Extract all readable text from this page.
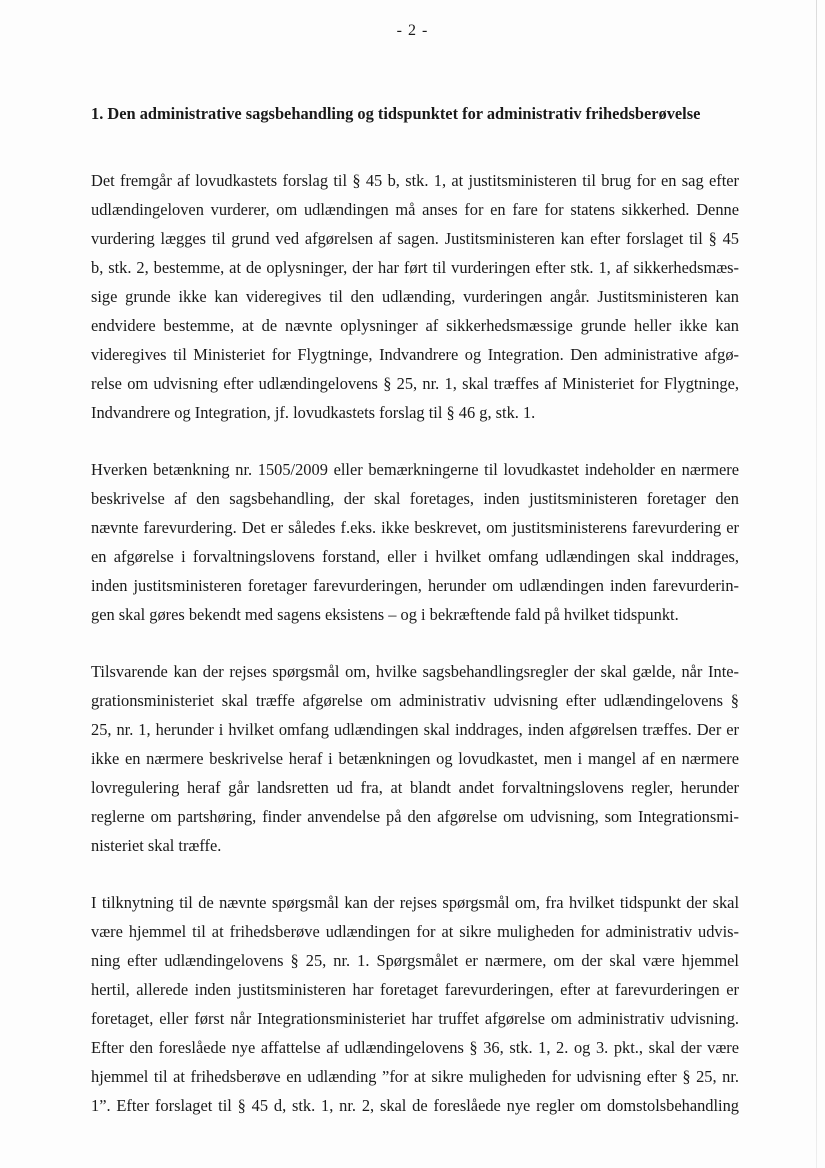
- 2 -
1. Den administrative sagsbehandling og tidspunktet for administrativ frihedsberøvelse
Det fremgår af lovudkastets forslag til § 45 b, stk. 1, at justitsministeren til brug for en sag efter
udlændingeloven vurderer, om udlændingen må anses for en fare for statens sikkerhed. Denne
vurdering lægges til grund ved afgørelsen af sagen. Justitsministeren kan efter forslaget til § 45
b, stk. 2, bestemme, at de oplysninger, der har ført til vurderingen efter stk. 1, af sikkerhedsmæs-
sige grunde ikke kan videregives til den udlænding, vurderingen angår. Justitsministeren kan
endvidere bestemme, at de nævnte oplysninger af sikkerhedsmæssige grunde heller ikke kan
videregives til Ministeriet for Flygtninge, Indvandrere og Integration. Den administrative afgø-
relse om udvisning efter udlændingelovens § 25, nr. 1, skal træffes af Ministeriet for Flygtninge,
Indvandrere og Integration, jf. lovudkastets forslag til § 46 g, stk. 1.
Hverken betænkning nr. 1505/2009 eller bemærkningerne til lovudkastet indeholder en nærmere
beskrivelse af den sagsbehandling, der skal foretages, inden justitsministeren foretager den
nævnte farevurdering. Det er således f.eks. ikke beskrevet, om justitsministerens farevurdering er
en afgørelse i forvaltningslovens forstand, eller i hvilket omfang udlændingen skal inddrages,
inden justitsministeren foretager farevurderingen, herunder om udlændingen inden farevurderin-
gen skal gøres bekendt med sagens eksistens – og i bekræftende fald på hvilket tidspunkt.
Tilsvarende kan der rejses spørgsmål om, hvilke sagsbehandlingsregler der skal gælde, når Inte-
grationsministeriet skal træffe afgørelse om administrativ udvisning efter udlændingelovens §
25, nr. 1, herunder i hvilket omfang udlændingen skal inddrages, inden afgørelsen træffes. Der er
ikke en nærmere beskrivelse heraf i betænkningen og lovudkastet, men i mangel af en nærmere
lovregulering heraf går landsretten ud fra, at blandt andet forvaltningslovens regler, herunder
reglerne om partshøring, finder anvendelse på den afgørelse om udvisning, som Integrationsmi-
nisteriet skal træffe.
I tilknytning til de nævnte spørgsmål kan der rejses spørgsmål om, fra hvilket tidspunkt der skal
være hjemmel til at frihedsberøve udlændingen for at sikre muligheden for administrativ udvis-
ning efter udlændingelovens § 25, nr. 1. Spørgsmålet er nærmere, om der skal være hjemmel
hertil, allerede inden justitsministeren har foretaget farevurderingen, efter at farevurderingen er
foretaget, eller først når Integrationsministeriet har truffet afgørelse om administrativ udvisning.
Efter den foreslåede nye affattelse af udlændingelovens § 36, stk. 1, 2. og 3. pkt., skal der være
hjemmel til at frihedsberøve en udlænding ”for at sikre muligheden for udvisning efter § 25, nr.
1”. Efter forslaget til § 45 d, stk. 1, nr. 2, skal de foreslåede nye regler om domstolsbehandling
